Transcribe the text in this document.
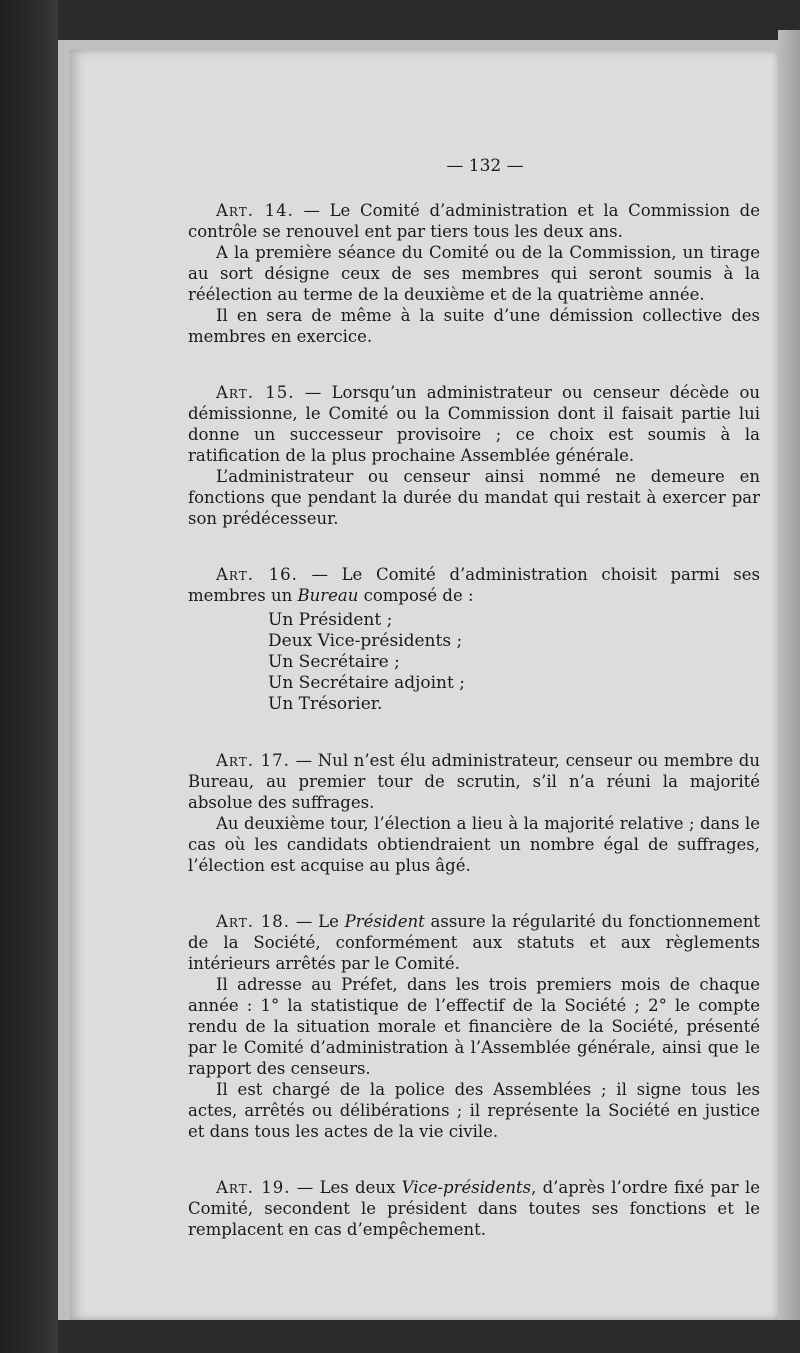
— 132 —

Art. 14. — Le Comité d’administration et la Commission de contrôle se renouvel ent par tiers tous les deux ans.

A la première séance du Comité ou de la Commission, un tirage au sort désigne ceux de ses membres qui seront soumis à la réélection au terme de la deuxième et de la quatrième année.

Il en sera de même à la suite d’une démission collective des membres en exercice.

Art. 15. — Lorsqu’un administrateur ou censeur décède ou démissionne, le Comité ou la Commission dont il faisait partie lui donne un successeur provisoire ; ce choix est soumis à la ratification de la plus prochaine Assemblée générale.

L’administrateur ou censeur ainsi nommé ne demeure en fonctions que pendant la durée du mandat qui restait à exercer par son prédécesseur.

Art. 16. — Le Comité d’administration choisit parmi ses membres un Bureau composé de :

Un Président ;
Deux Vice-présidents ;
Un Secrétaire ;
Un Secrétaire adjoint ;
Un Trésorier.

Art. 17. — Nul n’est élu administrateur, censeur ou membre du Bureau, au premier tour de scrutin, s’il n’a réuni la majorité absolue des suffrages.

Au deuxième tour, l’élection a lieu à la majorité relative ; dans le cas où les candidats obtiendraient un nombre égal de suffrages, l’élection est acquise au plus âgé.

Art. 18. — Le Président assure la régularité du fonctionnement de la Société, conformément aux statuts et aux règlements intérieurs arrêtés par le Comité.

Il adresse au Préfet, dans les trois premiers mois de chaque année : 1° la statistique de l’effectif de la Société ; 2° le compte rendu de la situation morale et financière de la Société, présenté par le Comité d’administration à l’Assemblée générale, ainsi que le rapport des censeurs.

Il est chargé de la police des Assemblées ; il signe tous les actes, arrêtés ou délibérations ; il représente la Société en justice et dans tous les actes de la vie civile.

Art. 19. — Les deux Vice-présidents, d’après l’ordre fixé par le Comité, secondent le président dans toutes ses fonctions et le remplacent en cas d’empêchement.
